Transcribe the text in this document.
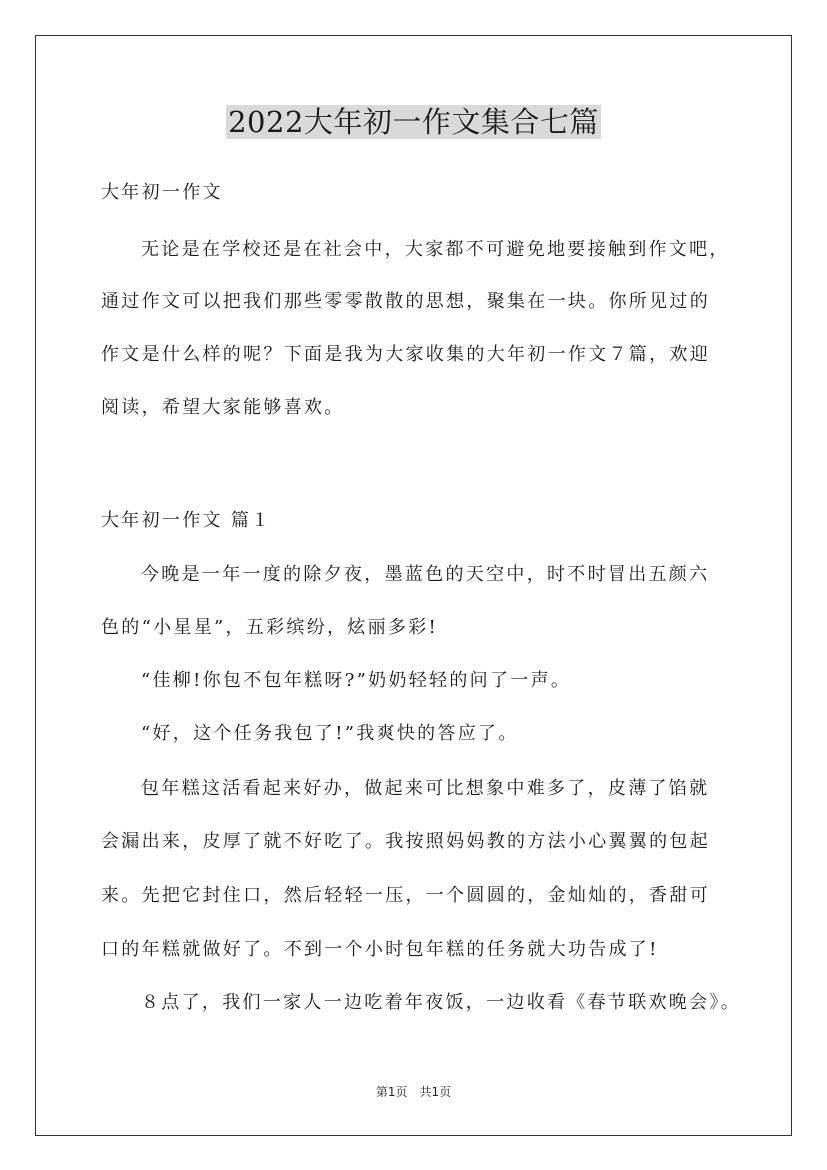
2022大年初一作文集合七篇

大年初一作文

无论是在学校还是在社会中，大家都不可避免地要接触到作文吧，

通过作文可以把我们那些零零散散的思想，聚集在一块。你所见过的

作文是什么样的呢？下面是我为大家收集的大年初一作文７篇，欢迎

阅读，希望大家能够喜欢。

大年初一作文 篇１

今晚是一年一度的除夕夜，墨蓝色的天空中，时不时冒出五颜六

色的“小星星”，五彩缤纷，炫丽多彩!

“佳柳!你包不包年糕呀?”奶奶轻轻的问了一声。

“好，这个任务我包了!”我爽快的答应了。

包年糕这活看起来好办，做起来可比想象中难多了，皮薄了馅就

会漏出来，皮厚了就不好吃了。我按照妈妈教的方法小心翼翼的包起

来。先把它封住口，然后轻轻一压，一个圆圆的，金灿灿的，香甜可

口的年糕就做好了。不到一个小时包年糕的任务就大功告成了!

８点了，我们一家人一边吃着年夜饭，一边收看《春节联欢晚会》。

第1页　共1页
